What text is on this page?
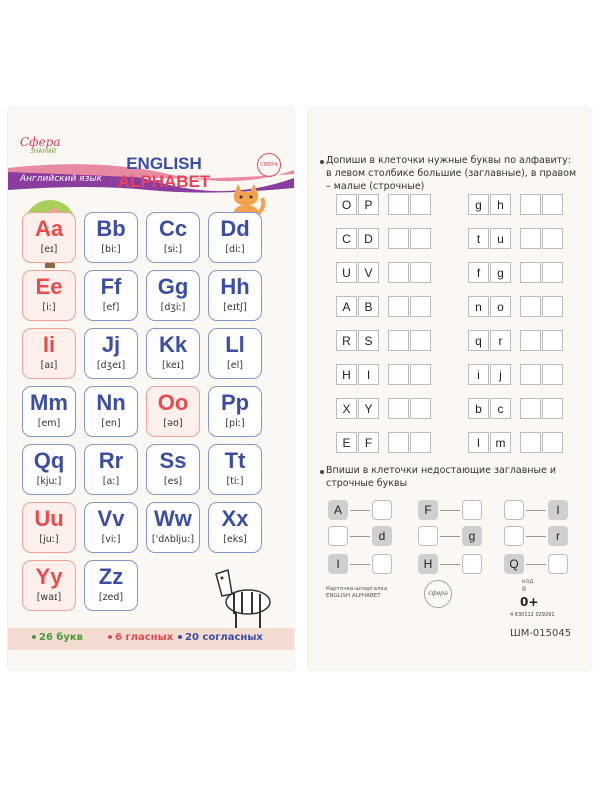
Сфера
ЗНАНИЙ
Английский язык
ENGLISH
ALPHABET
СФЕРА
Aa
[eɪ]
Bb
[biː]
Cc
[siː]
Dd
[diː]
Ee
[iː]
Ff
[ef]
Gg
[dʒiː]
Hh
[eɪtʃ]
Ii
[aɪ]
Jj
[dʒeɪ]
Kk
[keɪ]
Ll
[el]
Mm
[em]
Nn
[en]
Oo
[əʊ]
Pp
[piː]
Qq
[kjuː]
Rr
[aː]
Ss
[es]
Tt
[tiː]
Uu
[juː]
Vv
[viː]
Ww
['dʌbljuː]
Xx
[eks]
Yy
[waɪ]
Zz
[zed]
26 букв	6 гласных	20 согласных
Допиши в клеточки нужные буквы по алфавиту: в левом столбике большие (заглавные), в правом – малые (строчные)
O	P
C	D
U	V
A	B
R	S
H	I
X	Y
E	F
g	h
t	u
f	g
n	o
q	r
i	j
b	c
l	m
Впиши в клеточки недостающие заглавные и строчные буквы
A	F	l
d	g	r
I	H	Q
Карточка-шпаргалка
ENGLISH ALPHABET	сфера
код
В
0+
4 630112 029291
ШМ-015045
